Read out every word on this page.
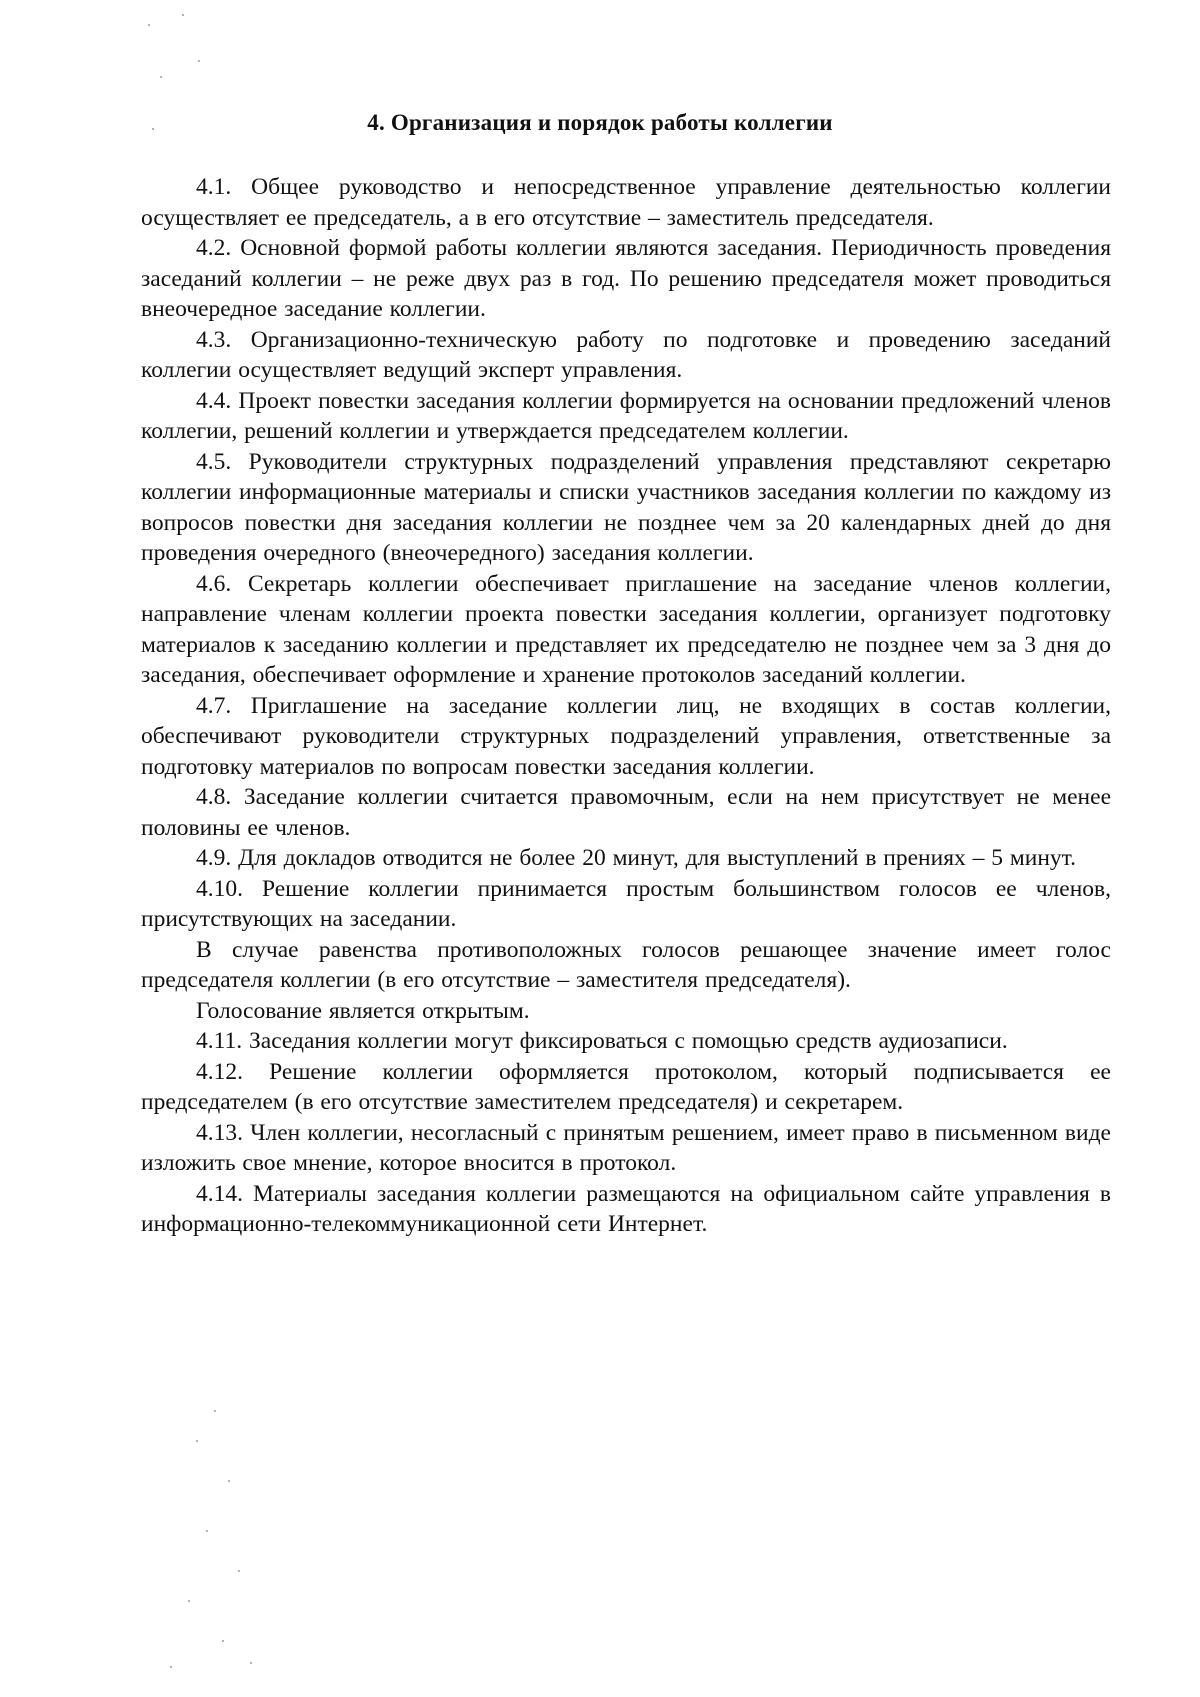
4. Организация и порядок работы коллегии

4.1. Общее руководство и непосредственное управление деятельностью коллегии осуществляет ее председатель, а в его отсутствие – заместитель председателя.

4.2. Основной формой работы коллегии являются заседания. Периодичность проведения заседаний коллегии – не реже двух раз в год. По решению председателя может проводиться внеочередное заседание коллегии.

4.3. Организационно-техническую работу по подготовке и проведению заседаний коллегии осуществляет ведущий эксперт управления.

4.4. Проект повестки заседания коллегии формируется на основании предложений членов коллегии, решений коллегии и утверждается председателем коллегии.

4.5. Руководители структурных подразделений управления представляют секретарю коллегии информационные материалы и списки участников заседания коллегии по каждому из вопросов повестки дня заседания коллегии не позднее чем за 20 календарных дней до дня проведения очередного (внеочередного) заседания коллегии.

4.6. Секретарь коллегии обеспечивает приглашение на заседание членов коллегии, направление членам коллегии проекта повестки заседания коллегии, организует подготовку материалов к заседанию коллегии и представляет их председателю не позднее чем за 3 дня до заседания, обеспечивает оформление и хранение протоколов заседаний коллегии.

4.7. Приглашение на заседание коллегии лиц, не входящих в состав коллегии, обеспечивают руководители структурных подразделений управления, ответственные за подготовку материалов по вопросам повестки заседания коллегии.

4.8. Заседание коллегии считается правомочным, если на нем присутствует не менее половины ее членов.

4.9. Для докладов отводится не более 20 минут, для выступлений в прениях – 5 минут.

4.10. Решение коллегии принимается простым большинством голосов ее членов, присутствующих на заседании.

В случае равенства противоположных голосов решающее значение имеет голос председателя коллегии (в его отсутствие – заместителя председателя).

Голосование является открытым.

4.11. Заседания коллегии могут фиксироваться с помощью средств аудиозаписи.

4.12. Решение коллегии оформляется протоколом, который подписывается ее председателем (в его отсутствие заместителем председателя) и секретарем.

4.13. Член коллегии, несогласный с принятым решением, имеет право в письменном виде изложить свое мнение, которое вносится в протокол.

4.14. Материалы заседания коллегии размещаются на официальном сайте управления в информационно-телекоммуникационной сети Интернет.
